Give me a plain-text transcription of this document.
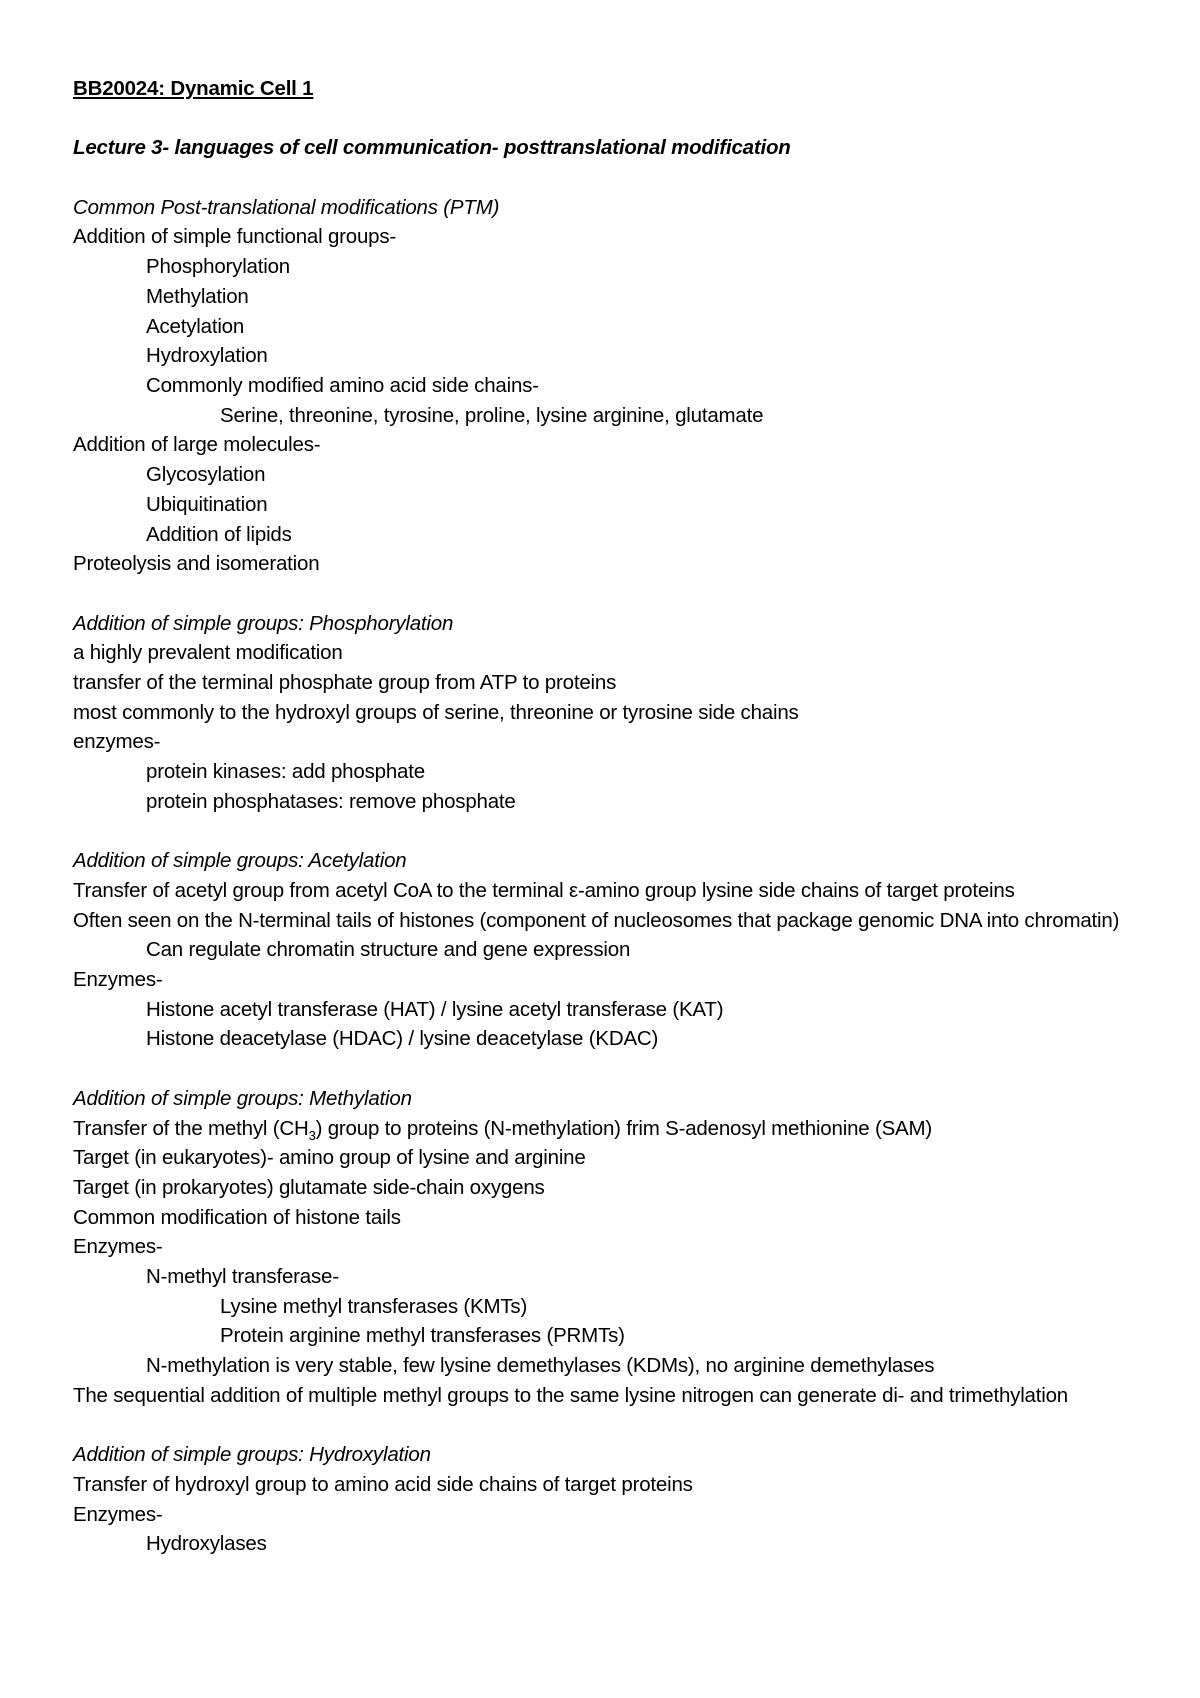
BB20024: Dynamic Cell 1
Lecture 3- languages of cell communication- posttranslational modification
Common Post-translational modifications (PTM)
Addition of simple functional groups-
Phosphorylation
Methylation
Acetylation
Hydroxylation
Commonly modified amino acid side chains-
Serine, threonine, tyrosine, proline, lysine arginine, glutamate
Addition of large molecules-
Glycosylation
Ubiquitination
Addition of lipids
Proteolysis and isomeration
Addition of simple groups: Phosphorylation
a highly prevalent modification
transfer of the terminal phosphate group from ATP to proteins
most commonly to the hydroxyl groups of serine, threonine or tyrosine side chains
enzymes-
protein kinases: add phosphate
protein phosphatases: remove phosphate
Addition of simple groups: Acetylation
Transfer of acetyl group from acetyl CoA to the terminal ε-amino group lysine side chains of target proteins
Often seen on the N-terminal tails of histones (component of nucleosomes that package genomic DNA into chromatin)
Can regulate chromatin structure and gene expression
Enzymes-
Histone acetyl transferase (HAT) / lysine acetyl transferase (KAT)
Histone deacetylase (HDAC) / lysine deacetylase (KDAC)
Addition of simple groups: Methylation
Transfer of the methyl $(CH_3)$ group to proteins (N-methylation) frim S-adenosyl methionine (SAM)
Target (in eukaryotes)- amino group of lysine and arginine
Target (in prokaryotes) glutamate side-chain oxygens
Common modification of histone tails
Enzymes-
N-methyl transferase-
Lysine methyl transferases (KMTs)
Protein arginine methyl transferases (PRMTs)
N-methylation is very stable, few lysine demethylases (KDMs), no arginine demethylases
The sequential addition of multiple methyl groups to the same lysine nitrogen can generate di- and trimethylation
Addition of simple groups: Hydroxylation
Transfer of hydroxyl group to amino acid side chains of target proteins
Enzymes-
Hydroxylases
